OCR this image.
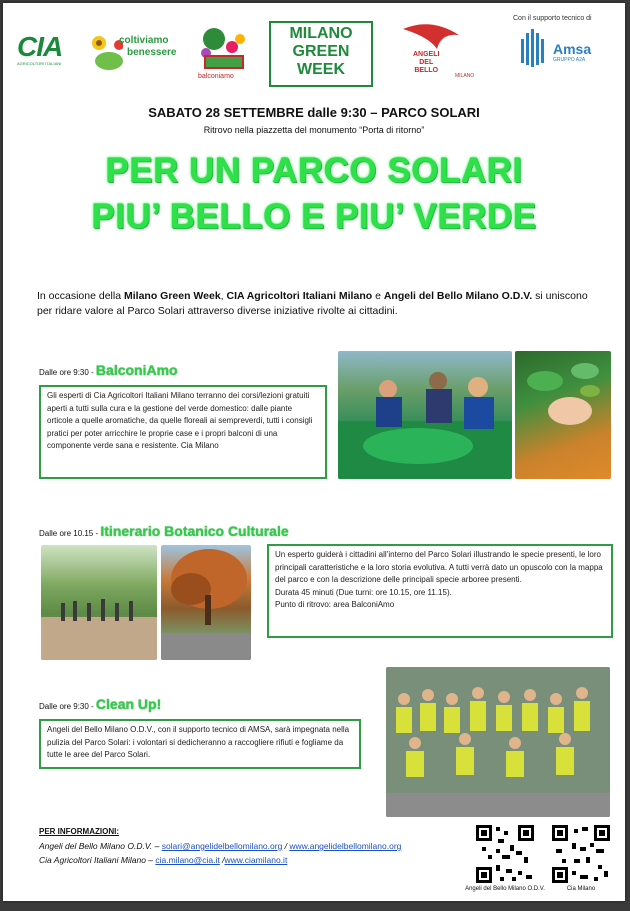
CIA
AGRICOLTORI ITALIANI
coltiviamo
benessere
balconiamo
MILANO
GREEN
WEEK
ANGELI
DEL
BELLO
MILANO
Con il supporto tecnico di
Amsa
GRUPPO A2A
SABATO 28 SETTEMBRE dalle 9:30 – PARCO SOLARI
Ritrovo nella piazzetta del monumento “Porta di ritorno”
PER UN PARCO SOLARI
PIU’ BELLO E PIU’ VERDE
In occasione della Milano Green Week, CIA Agricoltori Italiani Milano e Angeli del Bello Milano O.D.V. si uniscono per ridare valore al Parco Solari attraverso diverse iniziative rivolte ai cittadini.
Dalle ore 9:30 - BalconiAmo
Gli esperti di Cia Agricoltori Italiani Milano terranno dei corsi/lezioni gratuiti aperti a tutti sulla cura e la gestione del verde domestico: dalle piante orticole a quelle aromatiche, da quelle floreali ai sempreverdi, tutti i consigli pratici per poter arricchire le proprie case e i propri balconi di una componente verde sana e resistente. Cia Milano
Dalle ore 10.15 - Itinerario Botanico Culturale
Un esperto guiderà i cittadini all’interno del Parco Solari illustrando le specie presenti, le loro principali caratteristiche e la loro storia evolutiva. A tutti verrà dato un opuscolo con la mappa del parco e con la descrizione delle principali specie arboree presenti.
Durata 45 minuti (Due turni: ore 10.15, ore 11.15).
Punto di ritrovo: area BalconiAmo
Dalle ore 9:30 - Clean Up!
Angeli del Bello Milano O.D.V., con il supporto tecnico di AMSA, sarà impegnata nella pulizia del Parco Solari: i volontari si dedicheranno a raccogliere rifiuti e fogliame da tutte le aree del Parco Solari.
PER INFORMAZIONI:
Angeli del Bello Milano O.D.V. – solari@angelidelbellomilano.org / www.angelidelbellomilano.org
Cia Agricoltori Italiani Milano – cia.milano@cia.it /www.ciamilano.it
Angeli del Bello Milano O.D.V.	Cia Milano
